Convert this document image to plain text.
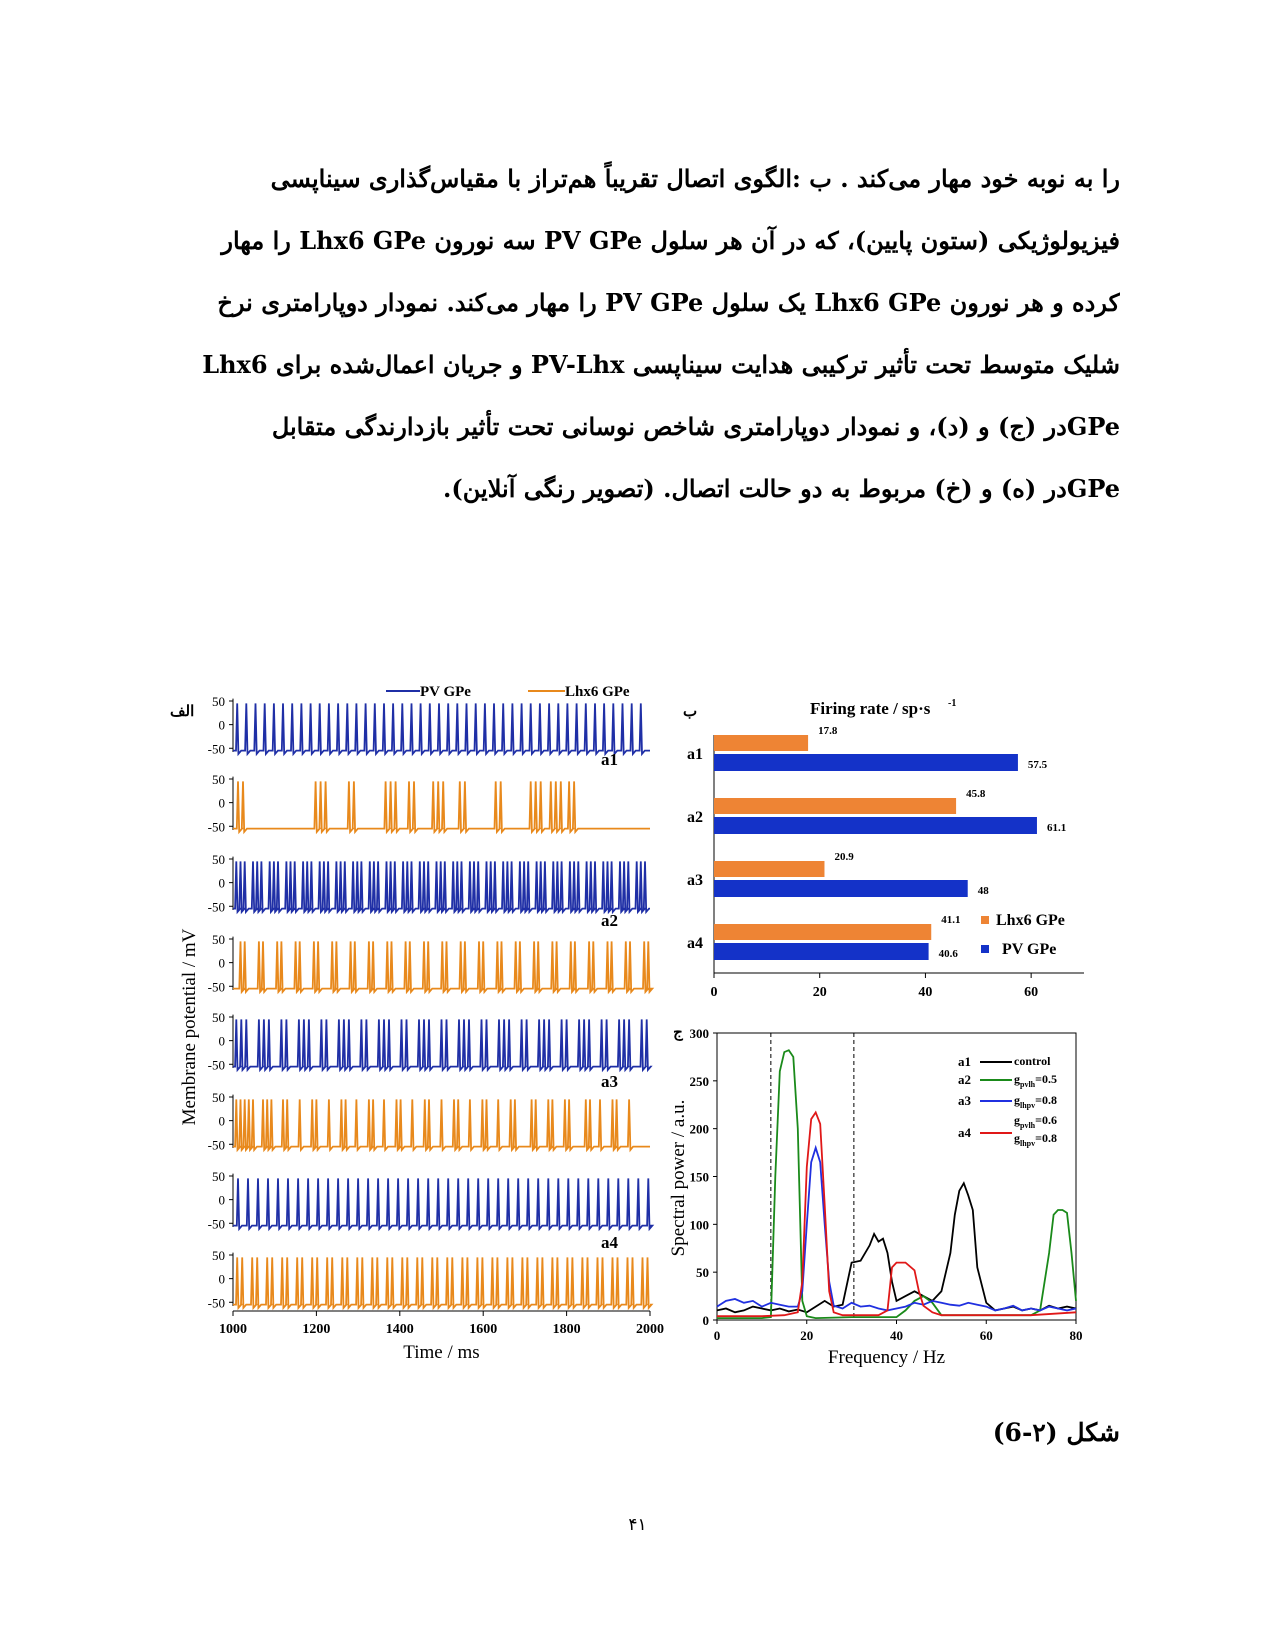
را به نوبه خود مهار می‌کند . ب :الگوی اتصال تقریباً هم‌تراز با مقیاس‌گذاری سیناپسی
فیزیولوژیکی (ستون پایین)، که در آن هر سلول PV GPe سه نورون Lhx6 GPe را مهار
کرده و هر نورون Lhx6 GPe یک سلول PV GPe را مهار می‌کند. نمودار دوپارامتری نرخ
شلیک متوسط تحت تأثیر ترکیبی هدایت سیناپسی PV-Lhx و جریان اعمال‌شده برای Lhx6
GPeدر (ج) و (د)، و نمودار دوپارامتری شاخص نوسانی تحت تأثیر بازدارندگی متقابل
GPeدر (ه) و (خ) مربوط به دو حالت اتصال. (تصویر رنگی آنلاین).
الف
PV GPe	Lhx6 GPe
50
0
-50
50
0
-50
50
0
-50
50
0
-50
50
0
-50
50
0
-50
50
0
-50
50
0
-50
a1
a2
a3
a4
1000	1200	1400	1600	1800	2000
Time / ms
Membrane potential / mV
ب	Firing rate / sp·s -1
0	20	40	60
a1
17.8
57.5
a2
45.8
61.1
a3
20.9
48
a4
41.1
40.6
Lhx6 GPe
PV GPe
ج
0
50
100
150
200
250
300
0	20	40	60	80
Frequency / Hz
Spectral power / a.u.
a1	control
a2	$g_{pvlh}=0.5$
a3	$g_{lhpv}=0.8$
a4
$g_{pvlh}=0.6$
$g_{lhpv}=0.8$
شکل (۲-6)
۴۱
